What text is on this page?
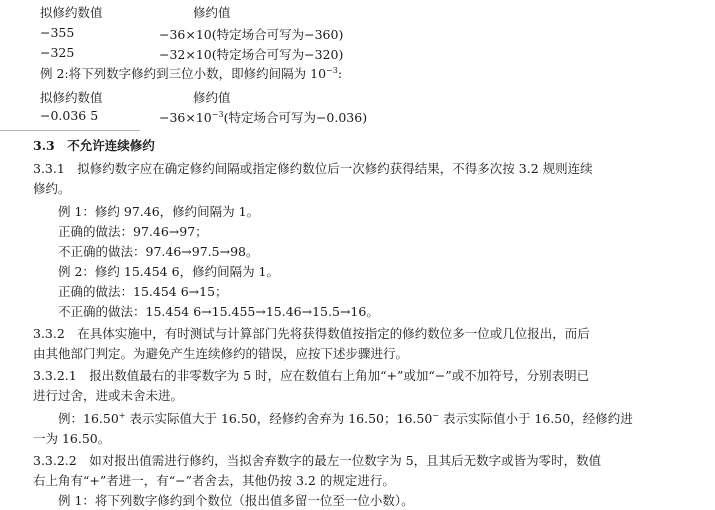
拟修约数值	修约值
−355	−36×10(特定场合可写为−360)
−325	−32×10(特定场合可写为−320)
例 2:将下列数字修约到三位小数，即修约间隔为 $10^{-3}$:
拟修约数值	修约值
−0.036 5	$-36\times 10^{-3}$(特定场合可写为−0.036)
3.3　不允许连续修约
3.3.1　拟修约数字应在确定修约间隔或指定修约数位后一次修约获得结果，不得多次按 3.2 规则连续
修约。
例 1：修约 97.46，修约间隔为 1。
正确的做法：97.46→97；
不正确的做法：97.46→97.5→98。
例 2：修约 15.454 6，修约间隔为 1。
正确的做法：15.454 6→15；
不正确的做法：15.454 6→15.455→15.46→15.5→16。
3.3.2　在具体实施中，有时测试与计算部门先将获得数值按指定的修约数位多一位或几位报出，而后
由其他部门判定。为避免产生连续修约的错误，应按下述步骤进行。
3.3.2.1　报出数值最右的非零数字为 5 时，应在数值右上角加“+”或加“−”或不加符号，分别表明已
进行过舍，进或未舍未进。
例：16.50+ 表示实际值大于 16.50，经修约舍弃为 16.50；16.50− 表示实际值小于 16.50，经修约进
一为 16.50。
3.3.2.2　如对报出值需进行修约，当拟舍弃数字的最左一位数字为 5，且其后无数字或皆为零时，数值
右上角有“+”者进一，有“−”者舍去，其他仍按 3.2 的规定进行。
例 1：将下列数字修约到个数位（报出值多留一位至一位小数）。
